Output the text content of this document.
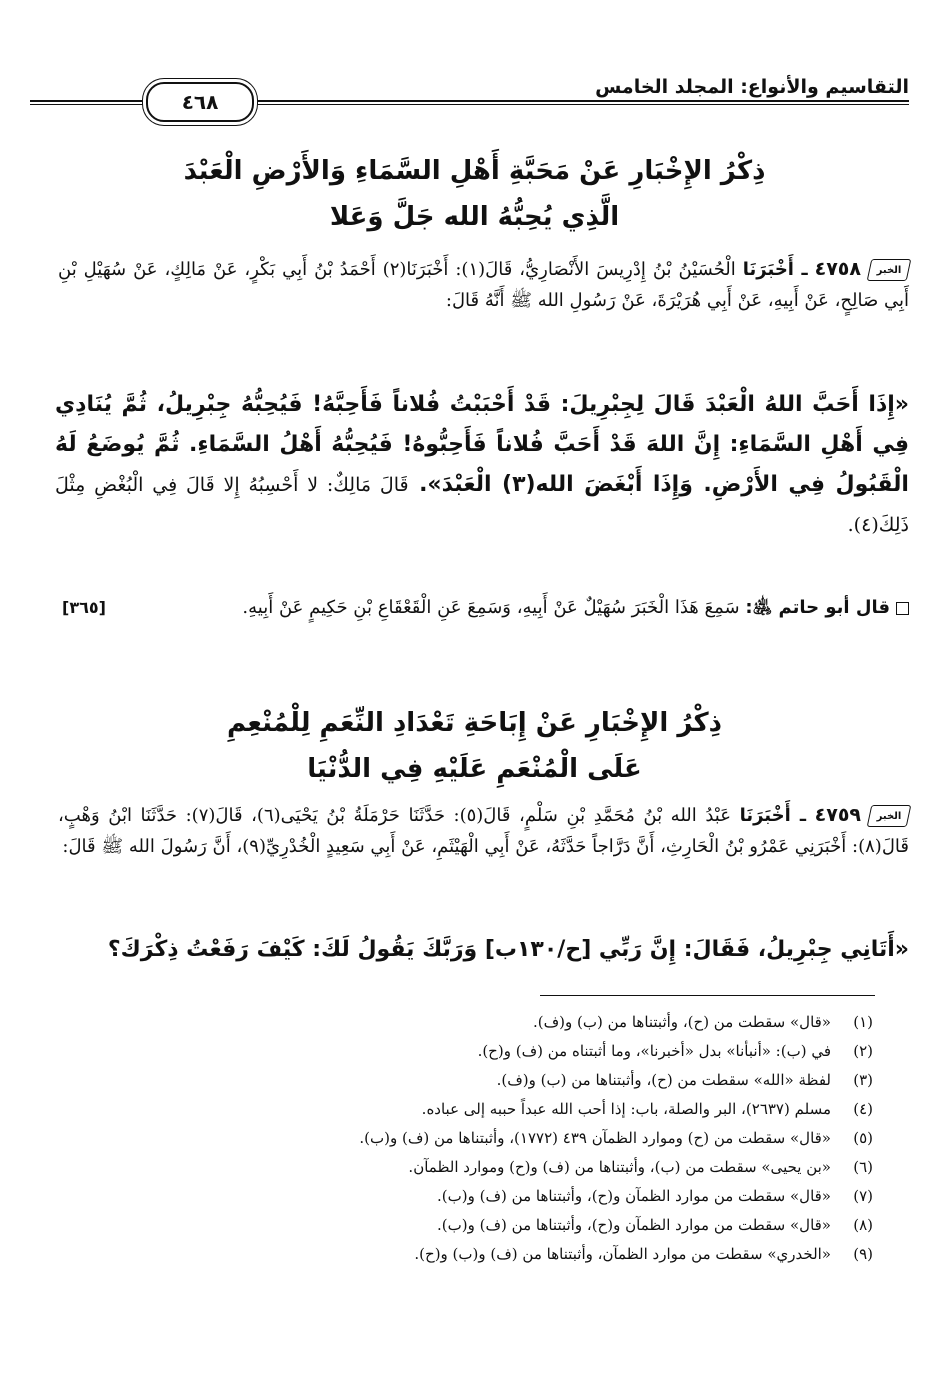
التقاسيم والأنواع: المجلد الخامس
٤٦٨
ذِكْرُ الإِخْبَارِ عَنْ مَحَبَّةِ أَهْلِ السَّمَاءِ وَالأَرْضِ الْعَبْدَ
الَّذِي يُحِبُّهُ الله جَلَّ وَعَلا
الخبر
٤٧٥٨ ـ أَخْبَرَنَا الْحُسَيْنُ بْنُ إِدْرِيسَ الأَنْصَارِيُّ، قَالَ(١): أَخْبَرَنَا(٢) أَحْمَدُ بْنُ أَبِي بَكْرٍ، عَنْ مَالِكٍ، عَنْ سُهَيْلِ بْنِ أَبِي صَالِحٍ، عَنْ أَبِيهِ، عَنْ أَبِي هُرَيْرَةَ، عَنْ رَسُولِ الله ﷺ أَنَّهُ قَالَ:
«إِذَا أَحَبَّ اللهُ الْعَبْدَ قَالَ لِجِبْرِيلَ: قَدْ أَحْبَبْتُ فُلاناً فَأَحِبَّهُ! فَيُحِبُّهُ جِبْرِيلُ، ثُمَّ يُنَادِي فِي أَهْلِ السَّمَاءِ: إِنَّ اللهَ قَدْ أَحَبَّ فُلاناً فَأَحِبُّوهُ! فَيُحِبُّهُ أَهْلُ السَّمَاءِ. ثُمَّ يُوضَعُ لَهُ الْقَبُولُ فِي الأَرْضِ. وَإِذَا أَبْغَضَ الله(٣) الْعَبْدَ». قَالَ مَالِكٌ: لا أَحْسِبُهُ إِلا قَالَ فِي الْبُغْضِ مِثْلَ ذَلِكَ(٤).
قال أبو حاتم ﵁: سَمِعَ هَذَا الْخَبَرَ سُهَيْلٌ عَنْ أَبِيهِ، وَسَمِعَ عَنِ الْقَعْقَاعِ بْنِ حَكِيمٍ عَنْ أَبِيهِ.
[٣٦٥]
ذِكْرُ الإِخْبَارِ عَنْ إِبَاحَةِ تَعْدَادِ النِّعَمِ لِلْمُنْعِمِ
عَلَى الْمُنْعَمِ عَلَيْهِ فِي الدُّنْيَا
الخبر
٤٧٥٩ ـ أَخْبَرَنَا عَبْدُ الله بْنُ مُحَمَّدِ بْنِ سَلْمٍ، قَالَ(٥): حَدَّثَنَا حَرْمَلَةُ بْنُ يَحْيَى(٦)، قَالَ(٧): حَدَّثَنَا ابْنُ وَهْبٍ، قَالَ(٨): أَخْبَرَنِي عَمْرُو بْنُ الْحَارِثِ، أَنَّ دَرَّاجاً حَدَّثَهُ، عَنْ أَبِي الْهَيْثَمِ، عَنْ أَبِي سَعِيدٍ الْخُدْرِيِّ(٩)، أَنَّ رَسُولَ الله ﷺ قَالَ:
«أَتَانِي جِبْرِيلُ، فَقَالَ: إِنَّ رَبِّي [ح/١٣٠ب] وَرَبَّكَ يَقُولُ لَكَ: كَيْفَ رَفَعْتُ ذِكْرَكَ؟
(١)
«قال» سقطت من (ح)، وأثبتناها من (ب) و(ف).
(٢)
في (ب): «أنبأنا» بدل «أخبرنا»، وما أثبتناه من (ف) و(ح).
(٣)
لفظة «الله» سقطت من (ح)، وأثبتناها من (ب) و(ف).
(٤)
مسلم (٢٦٣٧)، البر والصلة، باب: إذا أحب الله عبداً حببه إلى عباده.
(٥)
«قال» سقطت من (ح) وموارد الظمآن ٤٣٩ (١٧٧٢)، وأثبتناها من (ف) و(ب).
(٦)
«بن يحيى» سقطت من (ب)، وأثبتناها من (ف) و(ح) وموارد الظمآن.
(٧)
«قال» سقطت من موارد الظمآن و(ح)، وأثبتناها من (ف) و(ب).
(٨)
«قال» سقطت من موارد الظمآن و(ح)، وأثبتناها من (ف) و(ب).
(٩)
«الخدري» سقطت من موارد الظمآن، وأثبتناها من (ف) و(ب) و(ح).
